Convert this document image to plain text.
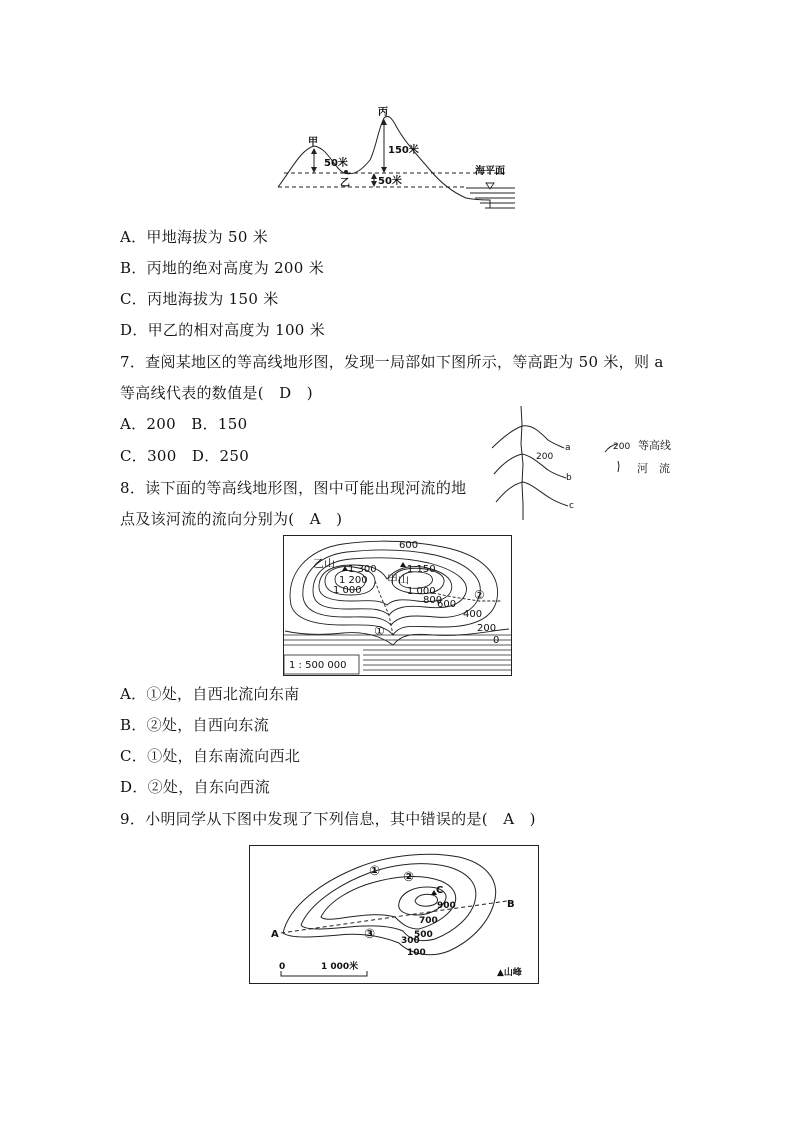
甲
丙
乙
50米
150米
50米
海平面
A．甲地海拔为 50 米
B．丙地的绝对高度为 200 米
C．丙地海拔为 150 米
D．甲乙的相对高度为 100 米
7．查阅某地区的等高线地形图，发现一局部如下图所示，等高距为 50 米，则 a
等高线代表的数值是(　D　)
A．200　B．150
C．300　D．250	a
b
c
200
200 等高线
河　流
8．读下面的等高线地形图，图中可能出现河流的地
点及该河流的流向分别为(　A　)
乙山
甲山
1 300	1 150
1 200
1 000	1 000
800
600
600
400
200
0
①
②
1 : 500 000
A．①处，自西北流向东南
B．②处，自西向东流
C．①处，自东南流向西北
D．②处，自东向西流
9．小明同学从下图中发现了下列信息，其中错误的是(　A　)
A
B
C
① ②
③
900
700
500
300
100
0	1 000米
▲山峰
